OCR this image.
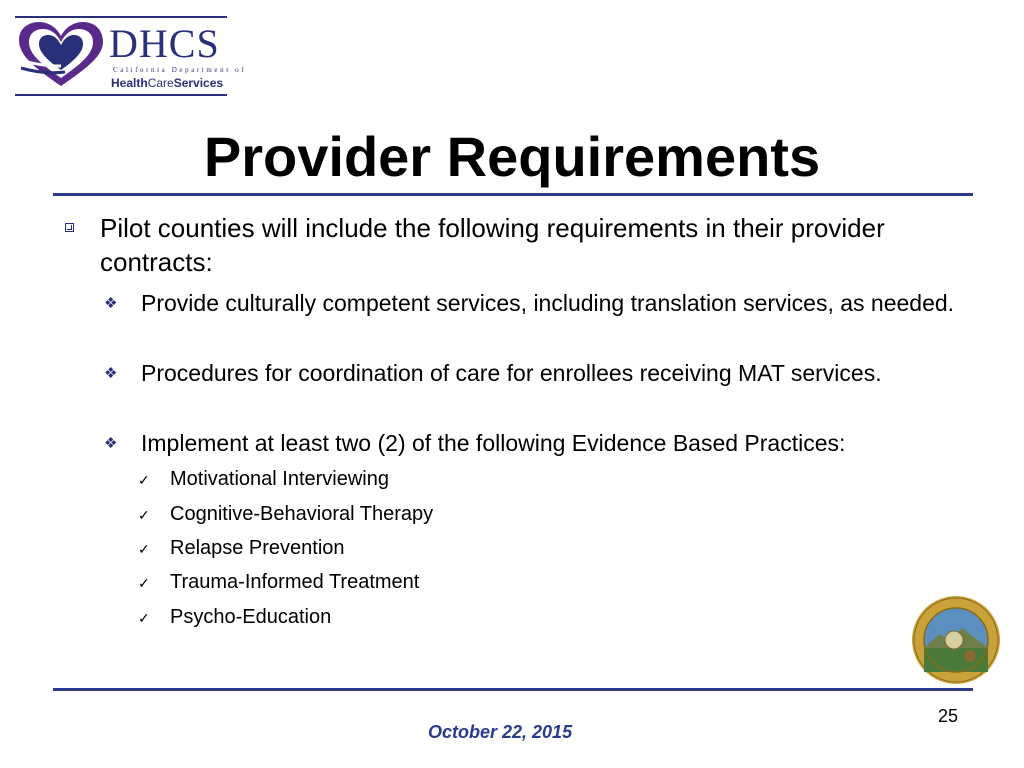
DHCS
California Department of
HealthCareServices
Provider Requirements
Pilot counties will include the following requirements in their provider contracts:
❖ Provide culturally competent services, including translation services, as needed.
❖ Procedures for coordination of care for enrollees receiving MAT services.
❖ Implement at least two (2) of the following Evidence Based Practices:
✓ Motivational Interviewing
✓ Cognitive-Behavioral Therapy
✓ Relapse Prevention
✓ Trauma-Informed Treatment
✓ Psycho-Education
25
October 22, 2015
